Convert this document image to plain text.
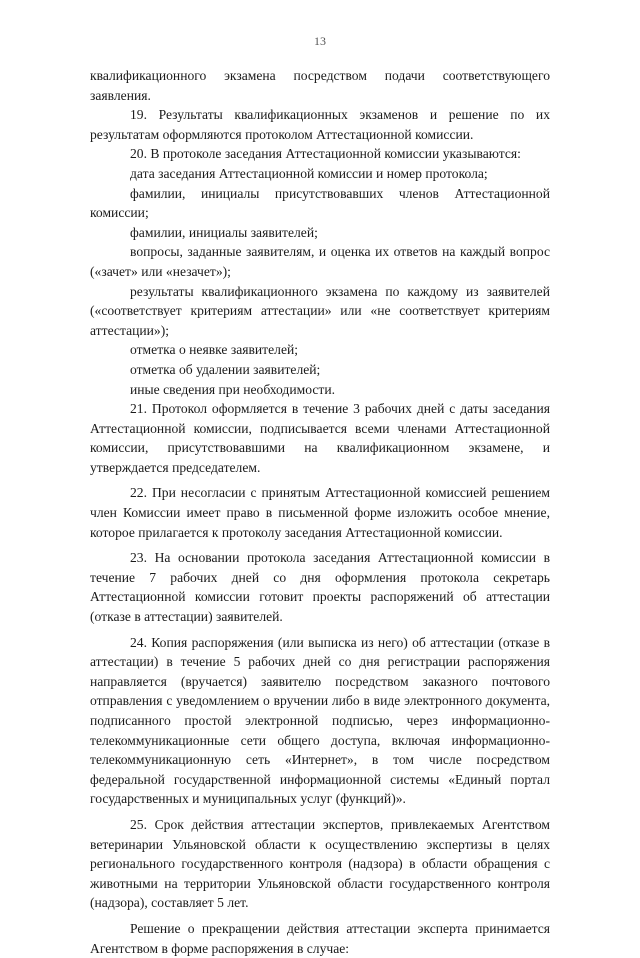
13

квалификационного экзамена посредством подачи соответствующего заявления.

19. Результаты квалификационных экзаменов и решение по их результатам оформляются протоколом Аттестационной комиссии.

20. В протоколе заседания Аттестационной комиссии указываются:

дата заседания Аттестационной комиссии и номер протокола;

фамилии, инициалы присутствовавших членов Аттестационной комиссии;

фамилии, инициалы заявителей;

вопросы, заданные заявителям, и оценка их ответов на каждый вопрос («зачет» или «незачет»);

результаты квалификационного экзамена по каждому из заявителей («соответствует критериям аттестации» или «не соответствует критериям аттестации»);

отметка о неявке заявителей;

отметка об удалении заявителей;

иные сведения при необходимости.

21. Протокол оформляется в течение 3 рабочих дней с даты заседания Аттестационной комиссии, подписывается всеми членами Аттестационной комиссии, присутствовавшими на квалификационном экзамене, и утверждается председателем.

22. При несогласии с принятым Аттестационной комиссией решением член Комиссии имеет право в письменной форме изложить особое мнение, которое прилагается к протоколу заседания Аттестационной комиссии.

23. На основании протокола заседания Аттестационной комиссии в течение 7 рабочих дней со дня оформления протокола секретарь Аттестационной комиссии готовит проекты распоряжений об аттестации (отказе в аттестации) заявителей.

24. Копия распоряжения (или выписка из него) об аттестации (отказе в аттестации) в течение 5 рабочих дней со дня регистрации распоряжения направляется (вручается) заявителю посредством заказного почтового отправления с уведомлением о вручении либо в виде электронного документа, подписанного простой электронной подписью, через информационно-телекоммуникационные сети общего доступа, включая информационно-телекоммуникационную сеть «Интернет», в том числе посредством федеральной государственной информационной системы «Единый портал государственных и муниципальных услуг (функций)».

25. Срок действия аттестации экспертов, привлекаемых Агентством ветеринарии Ульяновской области к осуществлению экспертизы в целях регионального государственного контроля (надзора) в области обращения с животными на территории Ульяновской области государственного контроля (надзора), составляет 5 лет.

Решение о прекращении действия аттестации эксперта принимается Агентством в форме распоряжения в случае:
